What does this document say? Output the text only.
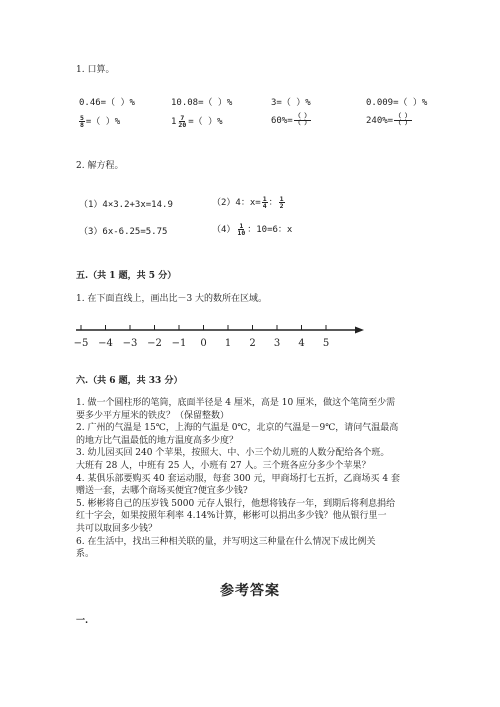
1. 口算。
0.46=（ ）%	10.08=（ ）%	3=（ ）%	0.009=（ ）%
$\frac{5}{8}$ =（ ）%	$1 \frac{7}{20}$ =（ ）%	$60\%= \frac{( )}{( )}$	$240\%= \frac{( )}{( )}$
2. 解方程。
（1）4×3.2+3x=14.9	（2）4：$x= \frac{1}{4}$ ： $\frac{1}{2}$
（3）6x-6.25=5.75	$(4) \frac{1}{10}$ ：10=6：x
五.（共 1 题，共 5 分）
1. 在下面直线上，画出比－3 大的数所在区域。
−5 −4 −3 −2 −1 0 1 2 3 4 5
六.（共 6 题，共 33 分）
1. 做一个圆柱形的笔筒，底面半径是 4 厘米，高是 10 厘米，做这个笔筒至少需
要多少平方厘米的铁皮？（保留整数）
2. 广州的气温是 15℃，上海的气温是 0℃，北京的气温是－9℃，请问气温最高
的地方比气温最低的地方温度高多少度？
3. 幼儿园买回 240 个苹果，按照大、中、小三个幼儿班的人数分配给各个班。
大班有 28 人，中班有 25 人，小班有 27 人。三个班各应分多少个苹果？
4. 某俱乐部要购买 40 套运动服，每套 300 元，甲商场打七五折，乙商场买 4 套
赠送一套，去哪个商场买便宜?便宜多少钱?
5. 彬彬将自己的压岁钱 5000 元存人银行，他想将钱存一年，到期后将利息捐给
红十字会，如果按照年利率 4.14%计算，彬彬可以捐出多少钱？他从银行里一
共可以取回多少钱？
6. 在生活中，找出三种相关联的量，并写明这三种量在什么情况下成比例关
系。
参考答案
一.
